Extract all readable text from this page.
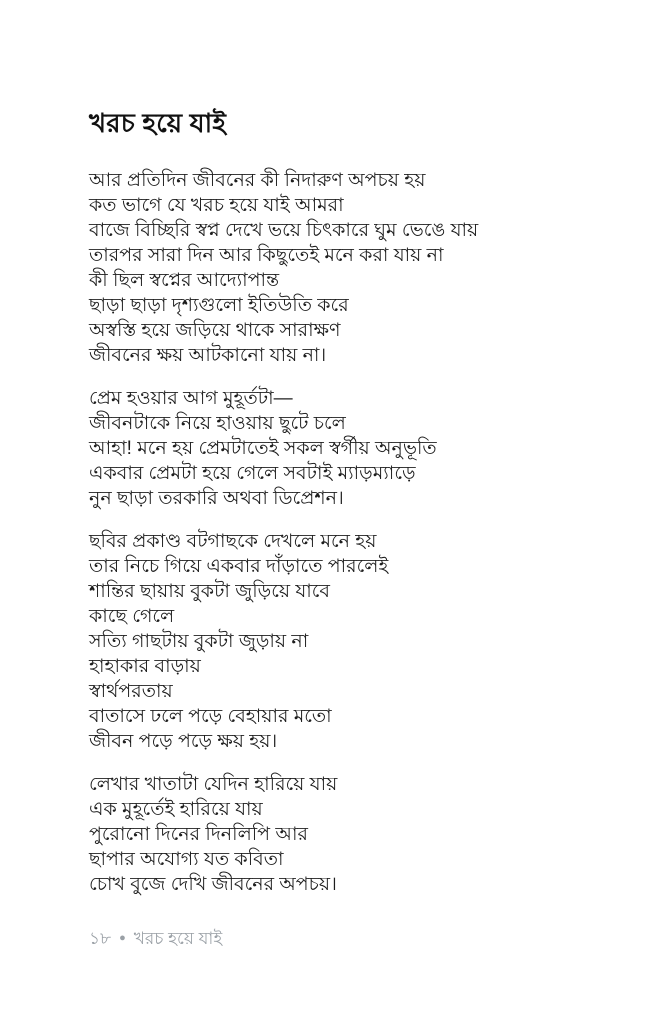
খরচ হয়ে যাই

আর প্রতিদিন জীবনের কী নিদারুণ অপচয় হয়

কত ভাগে যে খরচ হয়ে যাই আমরা

বাজে বিচ্ছিরি স্বপ্ন দেখে ভয়ে চিৎকারে ঘুম ভেঙে যায়

তারপর সারা দিন আর কিছুতেই মনে করা যায় না

কী ছিল স্বপ্নের আদ্যোপান্ত

ছাড়া ছাড়া দৃশ্যগুলো ইতিউতি করে

অস্বস্তি হয়ে জড়িয়ে থাকে সারাক্ষণ

জীবনের ক্ষয় আটকানো যায় না।

প্রেম হওয়ার আগ মুহূর্তটা—

জীবনটাকে নিয়ে হাওয়ায় ছুটে চলে

আহা! মনে হয় প্রেমটাতেই সকল স্বর্গীয় অনুভূতি

একবার প্রেমটা হয়ে গেলে সবটাই ম্যাড়ম্যাড়ে

নুন ছাড়া তরকারি অথবা ডিপ্রেশন।

ছবির প্রকাণ্ড বটগাছকে দেখলে মনে হয়

তার নিচে গিয়ে একবার দাঁড়াতে পারলেই

শান্তির ছায়ায় বুকটা জুড়িয়ে যাবে

কাছে গেলে

সত্যি গাছটায় বুকটা জুড়ায় না

হাহাকার বাড়ায়

স্বার্থপরতায়

বাতাসে ঢলে পড়ে বেহায়ার মতো

জীবন পড়ে পড়ে ক্ষয় হয়।

লেখার খাতাটা যেদিন হারিয়ে যায়

এক মুহূর্তেই হারিয়ে যায়

পুরোনো দিনের দিনলিপি আর

ছাপার অযোগ্য যত কবিতা

চোখ বুজে দেখি জীবনের অপচয়।

১৮ ● খরচ হয়ে যাই
